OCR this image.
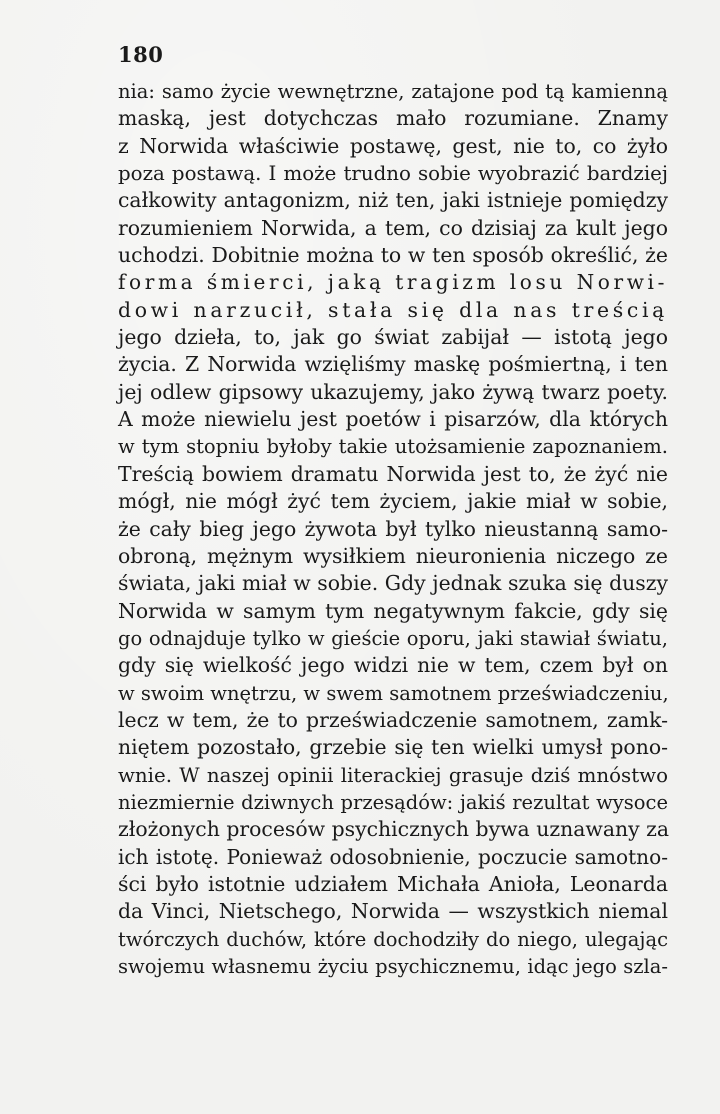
180
nia: samo życie wewnętrzne, zatajone pod tą kamienną
maską, jest dotychczas mało rozumiane. Znamy
z Norwida właściwie postawę, gest, nie to, co żyło
poza postawą. I może trudno sobie wyobrazić bardziej
całkowity antagonizm, niż ten, jaki istnieje pomiędzy
rozumieniem Norwida, a tem, co dzisiaj za kult jego
uchodzi. Dobitnie można to w ten sposób określić, że
forma śmierci, jaką tragizm losu Norwi-
dowi narzucił, stała się dla nas treścią
jego dzieła, to, jak go świat zabijał — istotą jego
życia. Z Norwida wzięliśmy maskę pośmiertną, i ten
jej odlew gipsowy ukazujemy, jako żywą twarz poety.
A może niewielu jest poetów i pisarzów, dla których
w tym stopniu byłoby takie utożsamienie zapoznaniem.
Treścią bowiem dramatu Norwida jest to, że żyć nie
mógł, nie mógł żyć tem życiem, jakie miał w sobie,
że cały bieg jego żywota był tylko nieustanną samo-
obroną, mężnym wysiłkiem nieuronienia niczego ze
świata, jaki miał w sobie. Gdy jednak szuka się duszy
Norwida w samym tym negatywnym fakcie, gdy się
go odnajduje tylko w gieście oporu, jaki stawiał światu,
gdy się wielkość jego widzi nie w tem, czem był on
w swoim wnętrzu, w swem samotnem przeświadczeniu,
lecz w tem, że to przeświadczenie samotnem, zamk-
niętem pozostało, grzebie się ten wielki umysł pono-
wnie. W naszej opinii literackiej grasuje dziś mnóstwo
niezmiernie dziwnych przesądów: jakiś rezultat wysoce
złożonych procesów psychicznych bywa uznawany za
ich istotę. Ponieważ odosobnienie, poczucie samotno-
ści było istotnie udziałem Michała Anioła, Leonarda
da Vinci, Nietschego, Norwida — wszystkich niemal
twórczych duchów, które dochodziły do niego, ulegając
swojemu własnemu życiu psychicznemu, idąc jego szla-
